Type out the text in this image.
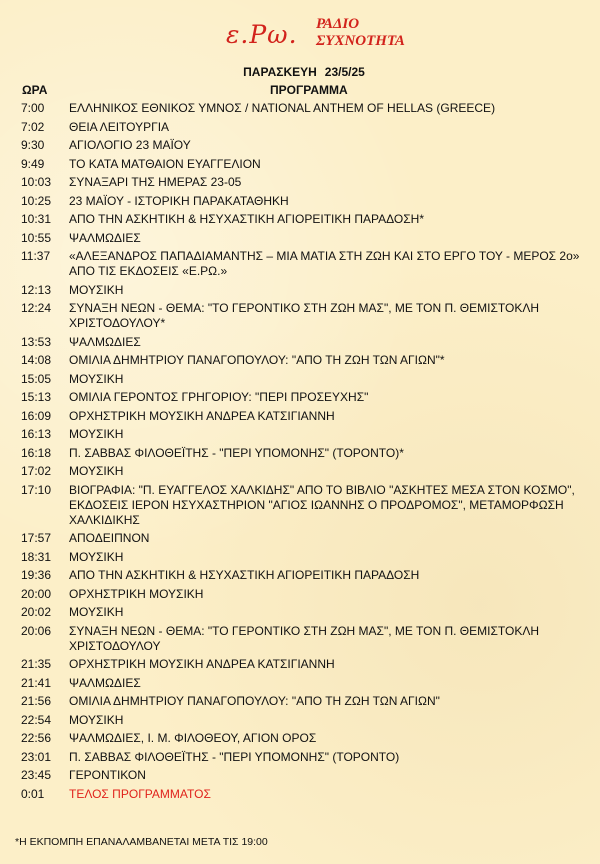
ε.Ρω. ΡΑΔΙΟ
ΣΥΧΝΟΤΗΤΑ
ΠΑΡΑΣΚΕΥΗ 23/5/25
ΩΡΑ	ΠΡΟΓΡΑΜΜΑ
7:00	ΕΛΛΗΝΙΚΟΣ ΕΘΝΙΚΟΣ ΥΜΝΟΣ / NATIONAL ANTHEM OF HELLAS (GREECE)
7:02	ΘΕΙΑ ΛΕΙΤΟΥΡΓΙΑ
9:30	ΑΓΙΟΛΟΓΙΟ 23 ΜΑΪΟΥ
9:49	ΤΟ ΚΑΤΑ ΜΑΤΘΑΙΟΝ ΕΥΑΓΓΕΛΙΟΝ
10:03	ΣΥΝΑΞΑΡΙ ΤΗΣ ΗΜΕΡΑΣ 23-05
10:25	23 ΜΑΪΟΥ - ΙΣΤΟΡΙΚΗ ΠΑΡΑΚΑΤΑΘΗΚΗ
10:31	ΑΠΟ ΤΗΝ ΑΣΚΗΤΙΚΗ & ΗΣΥΧΑΣΤΙΚΗ ΑΓΙΟΡΕΙΤΙΚΗ ΠΑΡΑΔΟΣΗ*
10:55	ΨΑΛΜΩΔΙΕΣ
11:37	«ΑΛΕΞΑΝΔΡΟΣ ΠΑΠΑΔΙΑΜΑΝΤΗΣ – ΜΙΑ ΜΑΤΙΑ ΣΤΗ ΖΩΗ ΚΑΙ ΣΤΟ ΕΡΓΟ ΤΟΥ - ΜΕΡΟΣ 2ο» ΑΠΟ ΤΙΣ ΕΚΔΟΣΕΙΣ «Ε.ΡΩ.»
12:13	ΜΟΥΣΙΚΗ
12:24	ΣΥΝΑΞΗ ΝΕΩΝ - ΘΕΜΑ: "ΤΟ ΓΕΡΟΝΤΙΚΟ ΣΤΗ ΖΩΗ ΜΑΣ", ΜΕ ΤΟΝ Π. ΘΕΜΙΣΤΟΚΛΗ ΧΡΙΣΤΟΔΟΥΛΟΥ*
13:53	ΨΑΛΜΩΔΙΕΣ
14:08	ΟΜΙΛΙΑ ΔΗΜΗΤΡΙΟΥ ΠΑΝΑΓΟΠΟΥΛΟΥ: "ΑΠΟ ΤΗ ΖΩΗ ΤΩΝ ΑΓΙΩΝ"*
15:05	ΜΟΥΣΙΚΗ
15:13	ΟΜΙΛΙΑ ΓΕΡΟΝΤΟΣ ΓΡΗΓΟΡΙΟΥ: "ΠΕΡΙ ΠΡΟΣΕΥΧΗΣ"
16:09	ΟΡΧΗΣΤΡΙΚΗ ΜΟΥΣΙΚΗ ΑΝΔΡΕΑ ΚΑΤΣΙΓΙΑΝΝΗ
16:13	ΜΟΥΣΙΚΗ
16:18	Π. ΣΑΒΒΑΣ ΦΙΛΟΘΕΪΤΗΣ - "ΠΕΡΙ ΥΠΟΜΟΝΗΣ" (ΤΟΡΟΝΤΟ)*
17:02	ΜΟΥΣΙΚΗ
17:10	ΒΙΟΓΡΑΦΙΑ: "Π. ΕΥΑΓΓΕΛΟΣ ΧΑΛΚΙΔΗΣ" ΑΠΟ ΤΟ ΒΙΒΛΙΟ "ΑΣΚΗΤΕΣ ΜΕΣΑ ΣΤΟΝ ΚΟΣΜΟ", ΕΚΔΟΣΕΙΣ ΙΕΡΟΝ ΗΣΥΧΑΣΤΗΡΙΟΝ "ΑΓΙΟΣ ΙΩΑΝΝΗΣ Ο ΠΡΟΔΡΟΜΟΣ", ΜΕΤΑΜΟΡΦΩΣΗ ΧΑΛΚΙΔΙΚΗΣ
17:57	ΑΠΟΔΕΙΠΝΟΝ
18:31	ΜΟΥΣΙΚΗ
19:36	ΑΠΟ ΤΗΝ ΑΣΚΗΤΙΚΗ & ΗΣΥΧΑΣΤΙΚΗ ΑΓΙΟΡΕΙΤΙΚΗ ΠΑΡΑΔΟΣΗ
20:00	ΟΡΧΗΣΤΡΙΚΗ ΜΟΥΣΙΚΗ
20:02	ΜΟΥΣΙΚΗ
20:06	ΣΥΝΑΞΗ ΝΕΩΝ - ΘΕΜΑ: "ΤΟ ΓΕΡΟΝΤΙΚΟ ΣΤΗ ΖΩΗ ΜΑΣ", ΜΕ ΤΟΝ Π. ΘΕΜΙΣΤΟΚΛΗ ΧΡΙΣΤΟΔΟΥΛΟΥ
21:35	ΟΡΧΗΣΤΡΙΚΗ ΜΟΥΣΙΚΗ ΑΝΔΡΕΑ ΚΑΤΣΙΓΙΑΝΝΗ
21:41	ΨΑΛΜΩΔΙΕΣ
21:56	ΟΜΙΛΙΑ ΔΗΜΗΤΡΙΟΥ ΠΑΝΑΓΟΠΟΥΛΟΥ: "ΑΠΟ ΤΗ ΖΩΗ ΤΩΝ ΑΓΙΩΝ"
22:54	ΜΟΥΣΙΚΗ
22:56	ΨΑΛΜΩΔΙΕΣ, Ι. Μ. ΦΙΛΟΘΕΟΥ, ΑΓΙΟΝ ΟΡΟΣ
23:01	Π. ΣΑΒΒΑΣ ΦΙΛΟΘΕΪΤΗΣ - "ΠΕΡΙ ΥΠΟΜΟΝΗΣ" (ΤΟΡΟΝΤΟ)
23:45	ΓΕΡΟΝΤΙΚΟΝ
0:01	ΤΕΛΟΣ ΠΡΟΓΡΑΜΜΑΤΟΣ
*Η ΕΚΠΟΜΠΗ ΕΠΑΝΑΛΑΜΒΑΝΕΤΑΙ ΜΕΤΑ ΤΙΣ 19:00
